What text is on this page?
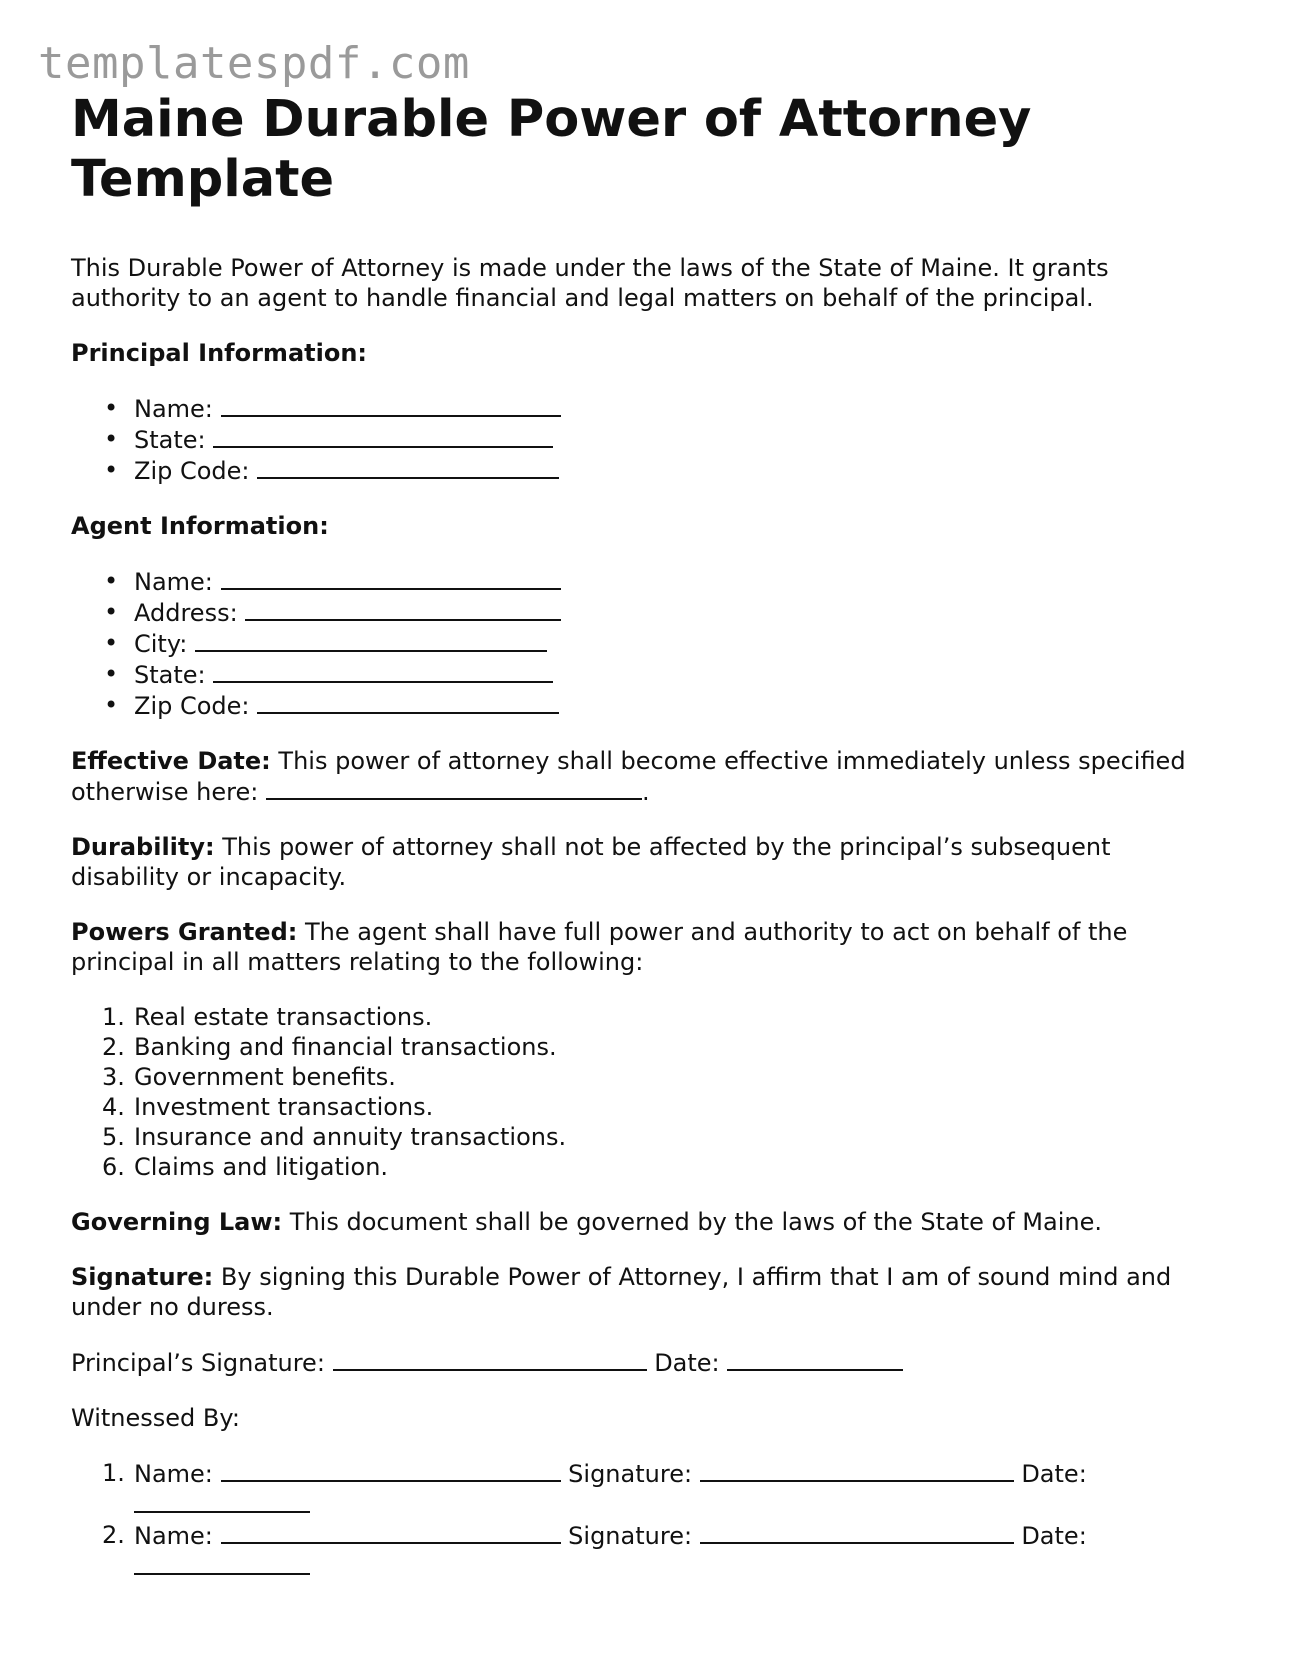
templatespdf.com
Maine Durable Power of Attorney Template

This Durable Power of Attorney is made under the laws of the State of Maine. It grants authority to an agent to handle financial and legal matters on behalf of the principal.

Principal Information:

• Name:
• State:
• Zip Code:

Agent Information:

• Name:
• Address:
• City:
• State:
• Zip Code:

Effective Date: This power of attorney shall become effective immediately unless specified otherwise here:	.

Durability: This power of attorney shall not be affected by the principal’s subsequent disability or incapacity.

Powers Granted: The agent shall have full power and authority to act on behalf of the principal in all matters relating to the following:

1. Real estate transactions.
2. Banking and financial transactions.
3. Government benefits.
4. Investment transactions.
5. Insurance and annuity transactions.
6. Claims and litigation.

Governing Law: This document shall be governed by the laws of the State of Maine.

Signature: By signing this Durable Power of Attorney, I affirm that I am of sound mind and under no duress.

Principal’s Signature:	Date:

Witnessed By:

1. Name:	Signature:	Date:
2. Name:	Signature:	Date:
